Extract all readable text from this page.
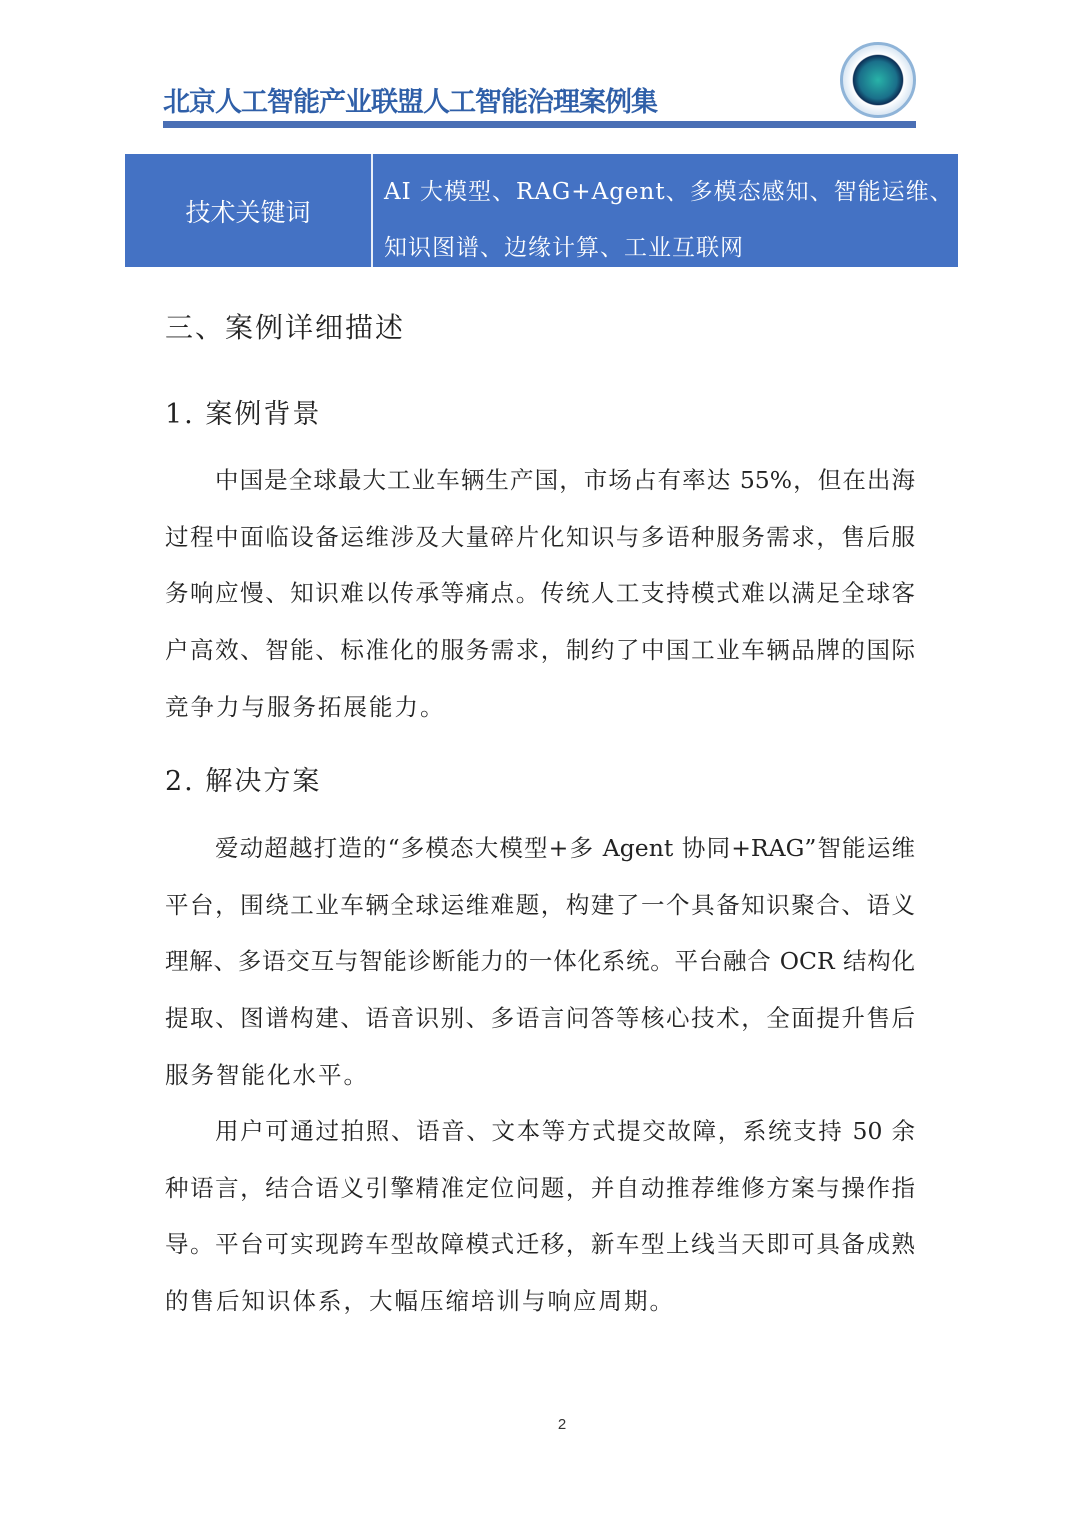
北京人工智能产业联盟人工智能治理案例集
技术关键词
AI 大模型、RAG+Agent、多模态感知、智能运维、
知识图谱、边缘计算、工业互联网
三、案例详细描述
1. 案例背景
中国是全球最大工业车辆生产国，市场占有率达 55%，但在出海
过程中面临设备运维涉及大量碎片化知识与多语种服务需求，售后服
务响应慢、知识难以传承等痛点。传统人工支持模式难以满足全球客
户高效、智能、标准化的服务需求，制约了中国工业车辆品牌的国际
竞争力与服务拓展能力。
2. 解决方案
爱动超越打造的“多模态大模型+多 Agent 协同+RAG”智能运维
平台，围绕工业车辆全球运维难题，构建了一个具备知识聚合、语义
理解、多语交互与智能诊断能力的一体化系统。平台融合 OCR 结构化
提取、图谱构建、语音识别、多语言问答等核心技术，全面提升售后
服务智能化水平。
用户可通过拍照、语音、文本等方式提交故障，系统支持 50 余
种语言，结合语义引擎精准定位问题，并自动推荐维修方案与操作指
导。平台可实现跨车型故障模式迁移，新车型上线当天即可具备成熟
的售后知识体系，大幅压缩培训与响应周期。
2
